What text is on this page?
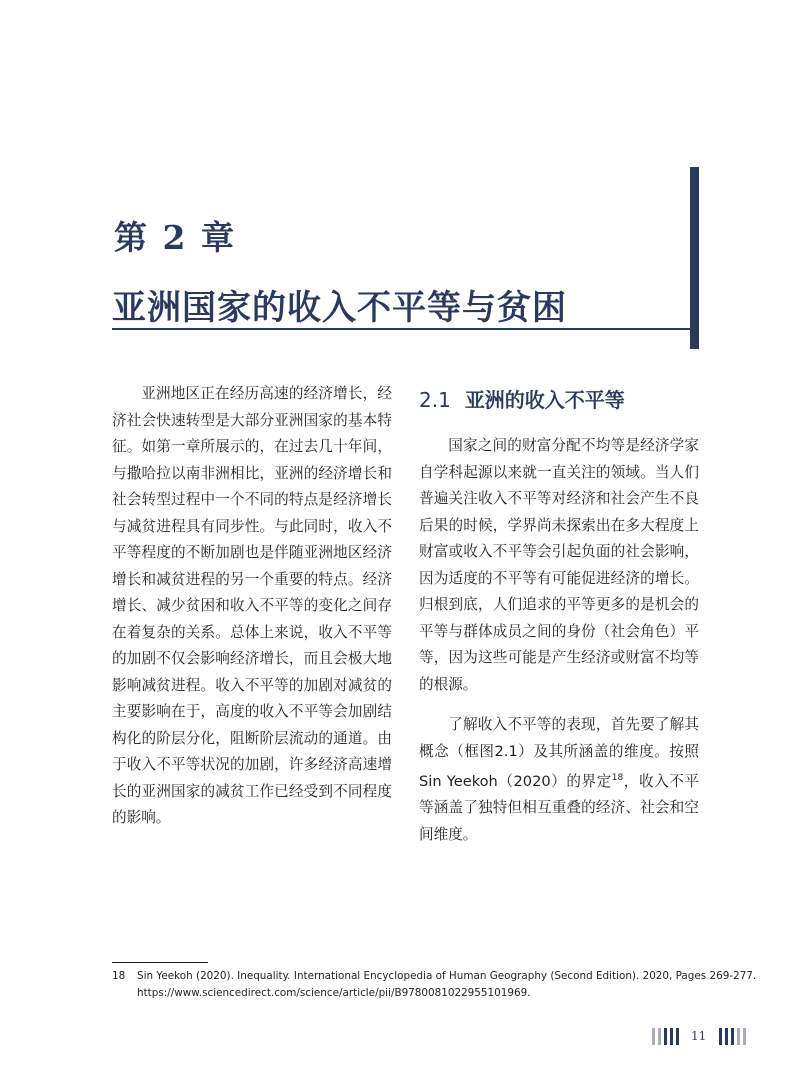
第 2 章
亚洲国家的收入不平等与贫困

亚洲地区正在经历高速的经济增长，经济社会快速转型是大部分亚洲国家的基本特征。如第一章所展示的，在过去几十年间，与撒哈拉以南非洲相比，亚洲的经济增长和社会转型过程中一个不同的特点是经济增长与减贫进程具有同步性。与此同时，收入不平等程度的不断加剧也是伴随亚洲地区经济增长和减贫进程的另一个重要的特点。经济增长、减少贫困和收入不平等的变化之间存在着复杂的关系。总体上来说，收入不平等的加剧不仅会影响经济增长，而且会极大地影响减贫进程。收入不平等的加剧对减贫的主要影响在于，高度的收入不平等会加剧结构化的阶层分化，阻断阶层流动的通道。由于收入不平等状况的加剧，许多经济高速增长的亚洲国家的减贫工作已经受到不同程度的影响。

2.1 亚洲的收入不平等

国家之间的财富分配不均等是经济学家自学科起源以来就一直关注的领域。当人们普遍关注收入不平等对经济和社会产生不良后果的时候，学界尚未探索出在多大程度上财富或收入不平等会引起负面的社会影响，因为适度的不平等有可能促进经济的增长。归根到底，人们追求的平等更多的是机会的平等与群体成员之间的身份（社会角色）平等，因为这些可能是产生经济或财富不均等的根源。

了解收入不平等的表现，首先要了解其概念（框图2.1）及其所涵盖的维度。按照 Sin Yeekoh（2020）的界定$^{18}$，收入不平等涵盖了独特但相互重叠的经济、社会和空间维度。

18 Sin Yeekoh (2020). Inequality. International Encyclopedia of Human Geography (Second Edition). 2020, Pages 269-277.
https://www.sciencedirect.com/science/article/pii/B9780081022955101969.
11
